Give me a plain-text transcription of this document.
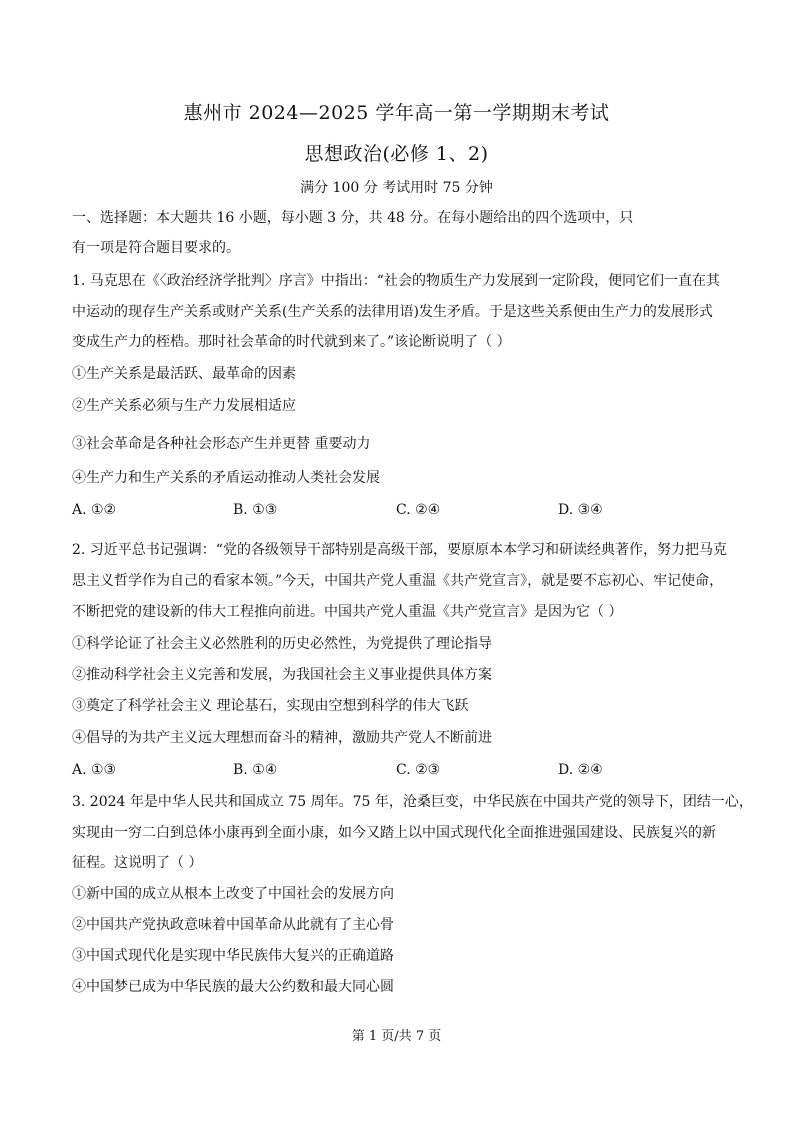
惠州市 2024—2025 学年高一第一学期期末考试
思想政治(必修 1、2)
满分 100 分 考试用时 75 分钟
一、选择题：本大题共 16 小题，每小题 3 分，共 48 分。在每小题给出的四个选项中，只
有一项是符合题目要求的。
1. 马克思在《〈政治经济学批判〉序言》中指出：“社会的物质生产力发展到一定阶段，便同它们一直在其
中运动的现存生产关系或财产关系(生产关系的法律用语)发生矛盾。于是这些关系便由生产力的发展形式
变成生产力的桎梏。那时社会革命的时代就到来了。”该论断说明了（ ）
①生产关系是最活跃、最革命的因素
②生产关系必须与生产力发展相适应
③社会革命是各种社会形态产生并更替 重要动力
④生产力和生产关系的矛盾运动推动人类社会发展
A. ①②	B. ①③	C. ②④	D. ③④
2. 习近平总书记强调：“党的各级领导干部特别是高级干部，要原原本本学习和研读经典著作，努力把马克
思主义哲学作为自己的看家本领。”今天，中国共产党人重温《共产党宣言》，就是要不忘初心、牢记使命，
不断把党的建设新的伟大工程推向前进。中国共产党人重温《共产党宣言》是因为它（ ）
①科学论证了社会主义必然胜利的历史必然性，为党提供了理论指导
②推动科学社会主义完善和发展，为我国社会主义事业提供具体方案
③奠定了科学社会主义 理论基石，实现由空想到科学的伟大飞跃
④倡导的为共产主义远大理想而奋斗的精神，激励共产党人不断前进
A. ①③	B. ①④	C. ②③	D. ②④
3. 2024 年是中华人民共和国成立 75 周年。75 年，沧桑巨变，中华民族在中国共产党的领导下，团结一心，
实现由一穷二白到总体小康再到全面小康，如今又踏上以中国式现代化全面推进强国建设、民族复兴的新
征程。这说明了（ ）
①新中国的成立从根本上改变了中国社会的发展方向
②中国共产党执政意味着中国革命从此就有了主心骨
③中国式现代化是实现中华民族伟大复兴的正确道路
④中国梦已成为中华民族的最大公约数和最大同心圆
第 1 页/共 7 页
